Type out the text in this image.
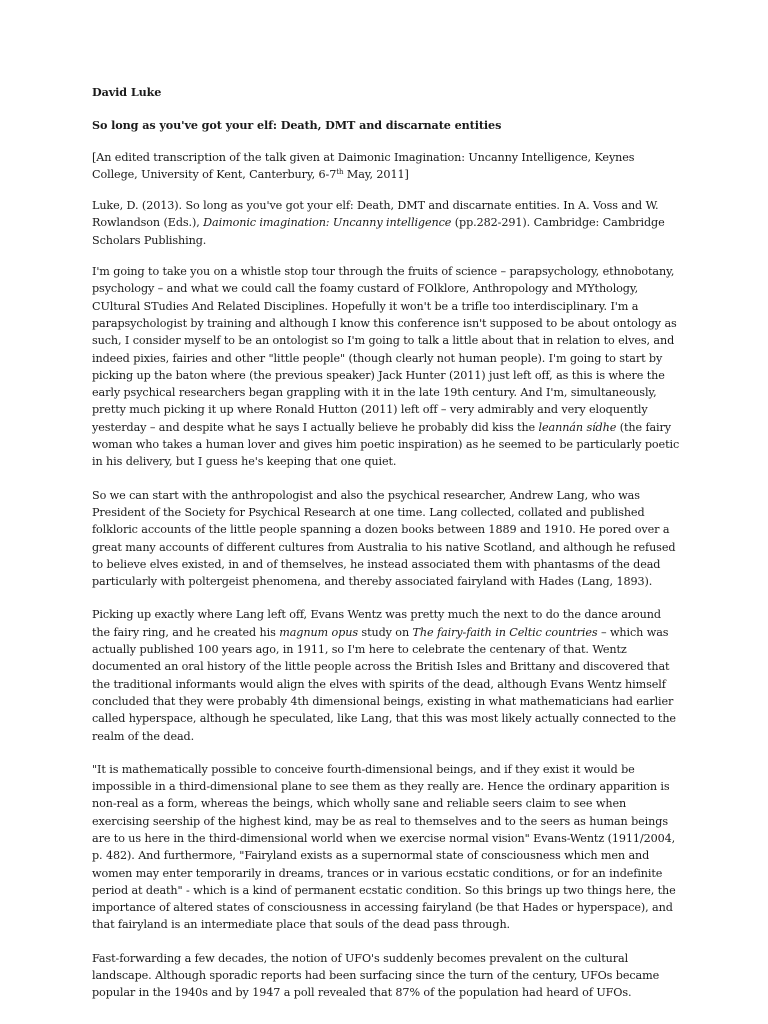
David Luke

So long as you've got your elf: Death, DMT and discarnate entities

[An edited transcription of the talk given at Daimonic Imagination: Uncanny Intelligence, Keynes College, University of Kent, Canterbury, 6-7th May, 2011]

Luke, D. (2013). So long as you've got your elf: Death, DMT and discarnate entities. In A. Voss and W. Rowlandson (Eds.), Daimonic imagination: Uncanny intelligence (pp.282-291). Cambridge: Cambridge Scholars Publishing.

I'm going to take you on a whistle stop tour through the fruits of science – parapsychology, ethnobotany, psychology – and what we could call the foamy custard of FOlklore, Anthropology and MYthology, CUltural STudies And Related Disciplines. Hopefully it won't be a trifle too interdisciplinary. I'm a parapsychologist by training and although I know this conference isn't supposed to be about ontology as such, I consider myself to be an ontologist so I'm going to talk a little about that in relation to elves, and indeed pixies, fairies and other "little people" (though clearly not human people). I'm going to start by picking up the baton where (the previous speaker) Jack Hunter (2011) just left off, as this is where the early psychical researchers began grappling with it in the late 19th century. And I'm, simultaneously, pretty much picking it up where Ronald Hutton (2011) left off – very admirably and very eloquently yesterday – and despite what he says I actually believe he probably did kiss the leannán sídhe (the fairy woman who takes a human lover and gives him poetic inspiration) as he seemed to be particularly poetic in his delivery, but I guess he's keeping that one quiet.

So we can start with the anthropologist and also the psychical researcher, Andrew Lang, who was President of the Society for Psychical Research at one time. Lang collected, collated and published folkloric accounts of the little people spanning a dozen books between 1889 and 1910. He pored over a great many accounts of different cultures from Australia to his native Scotland, and although he refused to believe elves existed, in and of themselves, he instead associated them with phantasms of the dead particularly with poltergeist phenomena, and thereby associated fairyland with Hades (Lang, 1893).

Picking up exactly where Lang left off, Evans Wentz was pretty much the next to do the dance around the fairy ring, and he created his magnum opus study on The fairy-faith in Celtic countries – which was actually published 100 years ago, in 1911, so I'm here to celebrate the centenary of that. Wentz documented an oral history of the little people across the British Isles and Brittany and discovered that the traditional informants would align the elves with spirits of the dead, although Evans Wentz himself concluded that they were probably 4th dimensional beings, existing in what mathematicians had earlier called hyperspace, although he speculated, like Lang, that this was most likely actually connected to the realm of the dead.

"It is mathematically possible to conceive fourth-dimensional beings, and if they exist it would be impossible in a third-dimensional plane to see them as they really are. Hence the ordinary apparition is non-real as a form, whereas the beings, which wholly sane and reliable seers claim to see when exercising seership of the highest kind, may be as real to themselves and to the seers as human beings are to us here in the third-dimensional world when we exercise normal vision" Evans-Wentz (1911/2004, p. 482). And furthermore, "Fairyland exists as a supernormal state of consciousness which men and women may enter temporarily in dreams, trances or in various ecstatic conditions, or for an indefinite period at death" - which is a kind of permanent ecstatic condition. So this brings up two things here, the importance of altered states of consciousness in accessing fairyland (be that Hades or hyperspace), and that fairyland is an intermediate place that souls of the dead pass through.

Fast-forwarding a few decades, the notion of UFO's suddenly becomes prevalent on the cultural landscape. Although sporadic reports had been surfacing since the turn of the century, UFOs became popular in the 1940s and by 1947 a poll revealed that 87% of the population had heard of UFOs.
